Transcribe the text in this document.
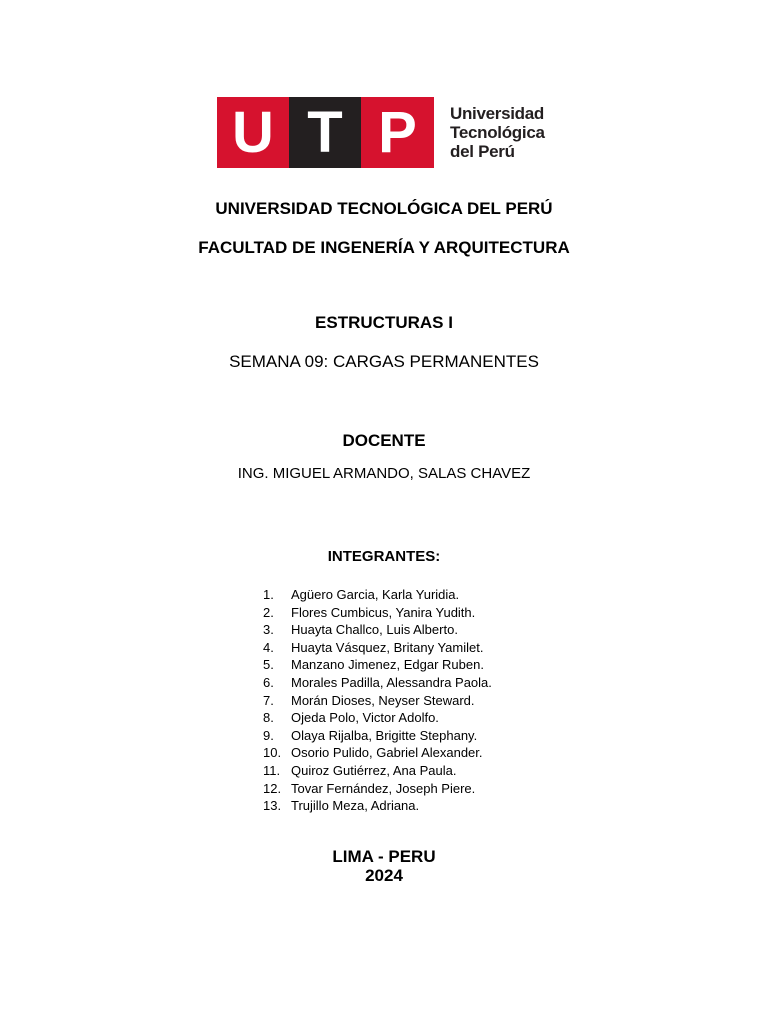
U T P	Universidad
Tecnológica
del Perú
UNIVERSIDAD TECNOLÓGICA DEL PERÚ
FACULTAD DE INGENERÍA Y ARQUITECTURA
ESTRUCTURAS I
SEMANA 09: CARGAS PERMANENTES
DOCENTE
ING. MIGUEL ARMANDO, SALAS CHAVEZ
INTEGRANTES:
1.	Agüero Garcia, Karla Yuridia.
2.	Flores Cumbicus, Yanira Yudith.
3.	Huayta Challco, Luis Alberto.
4.	Huayta Vásquez, Britany Yamilet.
5.	Manzano Jimenez, Edgar Ruben.
6.	Morales Padilla, Alessandra Paola.
7.	Morán Dioses, Neyser Steward.
8.	Ojeda Polo, Victor Adolfo.
9.	Olaya Rijalba, Brigitte Stephany.
10. Osorio Pulido, Gabriel Alexander.
11. Quiroz Gutiérrez, Ana Paula.
12. Tovar Fernández, Joseph Piere.
13. Trujillo Meza, Adriana.
LIMA - PERU
2024
